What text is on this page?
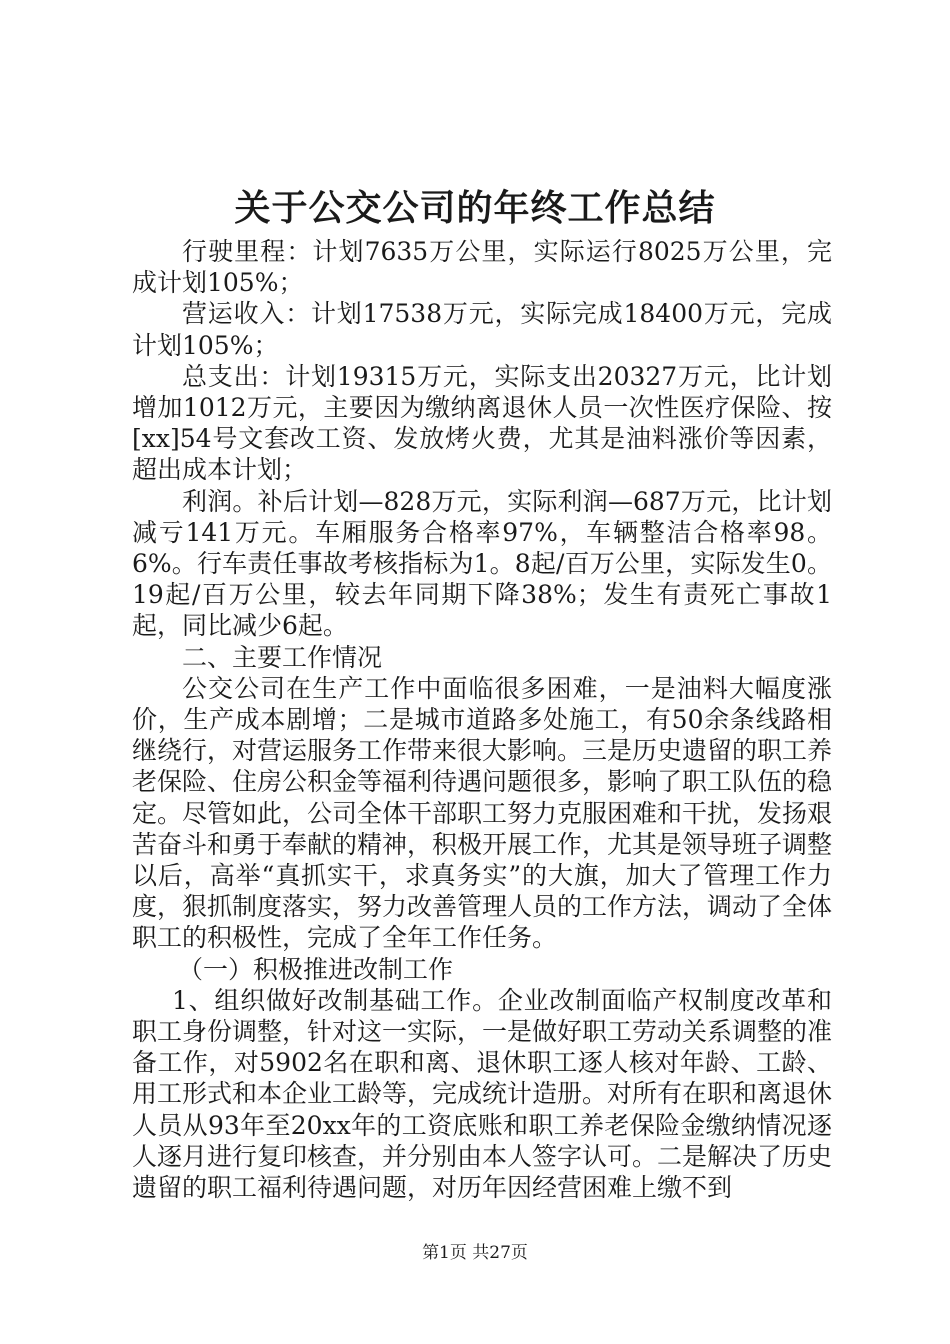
关于公交公司的年终工作总结

行驶里程：计划7635万公里，实际运行8025万公里，完成计划105%；

营运收入：计划17538万元，实际完成18400万元，完成计划105%；

总支出：计划19315万元，实际支出20327万元，比计划增加1012万元，主要因为缴纳离退休人员一次性医疗保险、按[xx]54号文套改工资、发放烤火费，尤其是油料涨价等因素，超出成本计划；

利润。补后计划—828万元，实际利润—687万元，比计划减亏141万元。车厢服务合格率97%，车辆整洁合格率98。6%。行车责任事故考核指标为1。8起/百万公里，实际发生0。19起/百万公里，较去年同期下降38%；发生有责死亡事故1起，同比减少6起。

二、主要工作情况

公交公司在生产工作中面临很多困难，一是油料大幅度涨价，生产成本剧增；二是城市道路多处施工，有50余条线路相继绕行，对营运服务工作带来很大影响。三是历史遗留的职工养老保险、住房公积金等福利待遇问题很多，影响了职工队伍的稳定。尽管如此，公司全体干部职工努力克服困难和干扰，发扬艰苦奋斗和勇于奉献的精神，积极开展工作，尤其是领导班子调整以后，高举“真抓实干，求真务实”的大旗，加大了管理工作力度，狠抓制度落实，努力改善管理人员的工作方法，调动了全体职工的积极性，完成了全年工作任务。

（一）积极推进改制工作

1、组织做好改制基础工作。企业改制面临产权制度改革和职工身份调整，针对这一实际，一是做好职工劳动关系调整的准备工作，对5902名在职和离、退休职工逐人核对年龄、工龄、用工形式和本企业工龄等，完成统计造册。对所有在职和离退休人员从93年至20xx年的工资底账和职工养老保险金缴纳情况逐人逐月进行复印核查，并分别由本人签字认可。二是解决了历史遗留的职工福利待遇问题，对历年因经营困难上缴不到

第1页 共27页
